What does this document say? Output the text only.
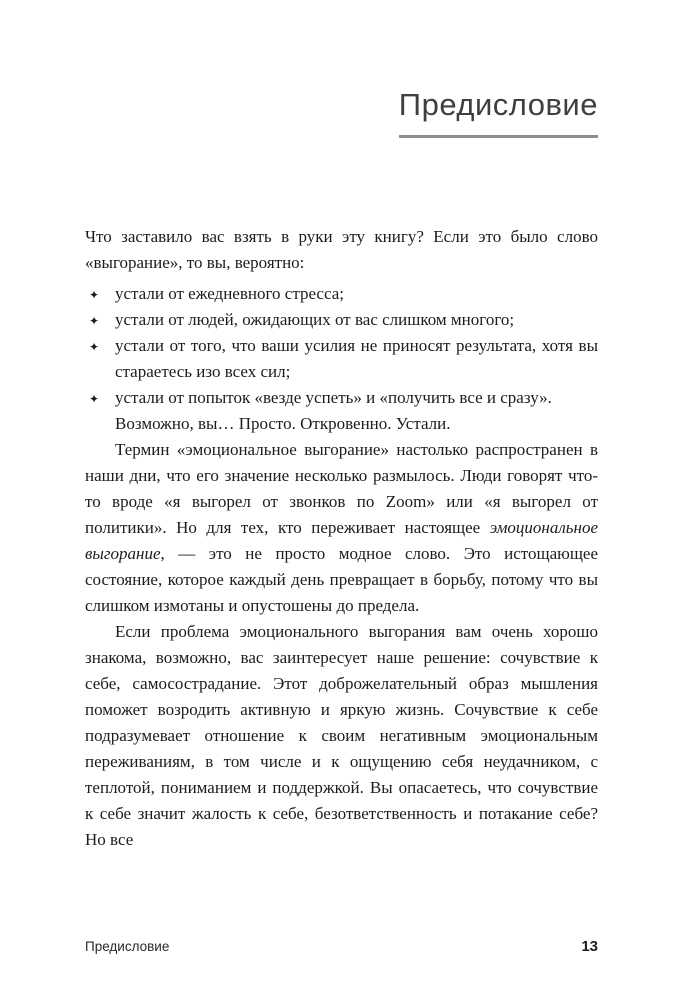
Предисловие

Что заставило вас взять в руки эту книгу? Если это было слово «выгорание», то вы, вероятно:

✦ устали от ежедневного стресса;
✦ устали от людей, ожидающих от вас слишком многого;
✦ устали от того, что ваши усилия не приносят результата, хотя вы стараетесь изо всех сил;
✦ устали от попыток «везде успеть» и «получить все и сразу».

Возможно, вы… Просто. Откровенно. Устали.

Термин «эмоциональное выгорание» настолько распространен в наши дни, что его значение несколько размылось. Люди говорят что-то вроде «я выгорел от звонков по Zoom» или «я выгорел от политики». Но для тех, кто переживает настоящее эмоциональное выгорание, — это не просто модное слово. Это истощающее состояние, которое каждый день превращает в борьбу, потому что вы слишком измотаны и опустошены до предела.

Если проблема эмоционального выгорания вам очень хорошо знакома, возможно, вас заинтересует наше решение: сочувствие к себе, самосострадание. Этот доброжелательный образ мышления поможет возродить активную и яркую жизнь. Сочувствие к себе подразумевает отношение к своим негативным эмоциональным переживаниям, в том числе и к ощущению себя неудачником, с теплотой, пониманием и поддержкой. Вы опасаетесь, что сочувствие к себе значит жалость к себе, безответственность и потакание себе? Но все

Предисловие	13
